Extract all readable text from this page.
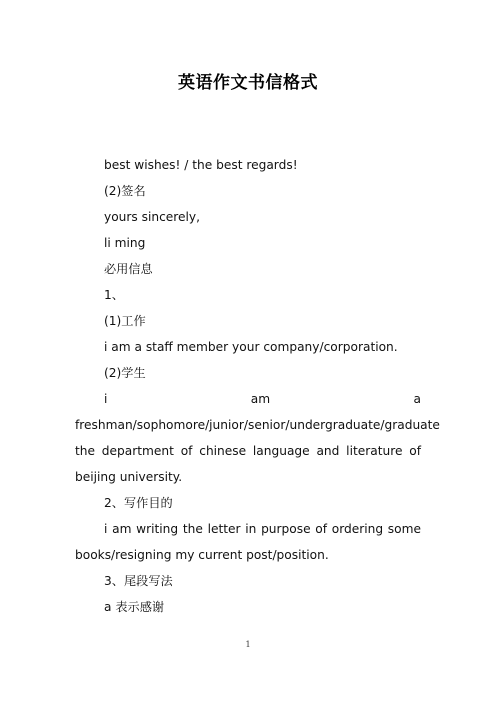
英语作文书信格式

best wishes! / the best regards!

(2)签名

yours sincerely,

li ming

必用信息

1、

(1)工作

i am a staff member your company/corporation.

(2)学生

i am a

freshman/sophomore/junior/senior/undergraduate/graduate the department of chinese language and literature of beijing university.

2、写作目的

i am writing the letter in purpose of ordering some books/resigning my current post/position.

3、尾段写法

a 表示感谢

1
